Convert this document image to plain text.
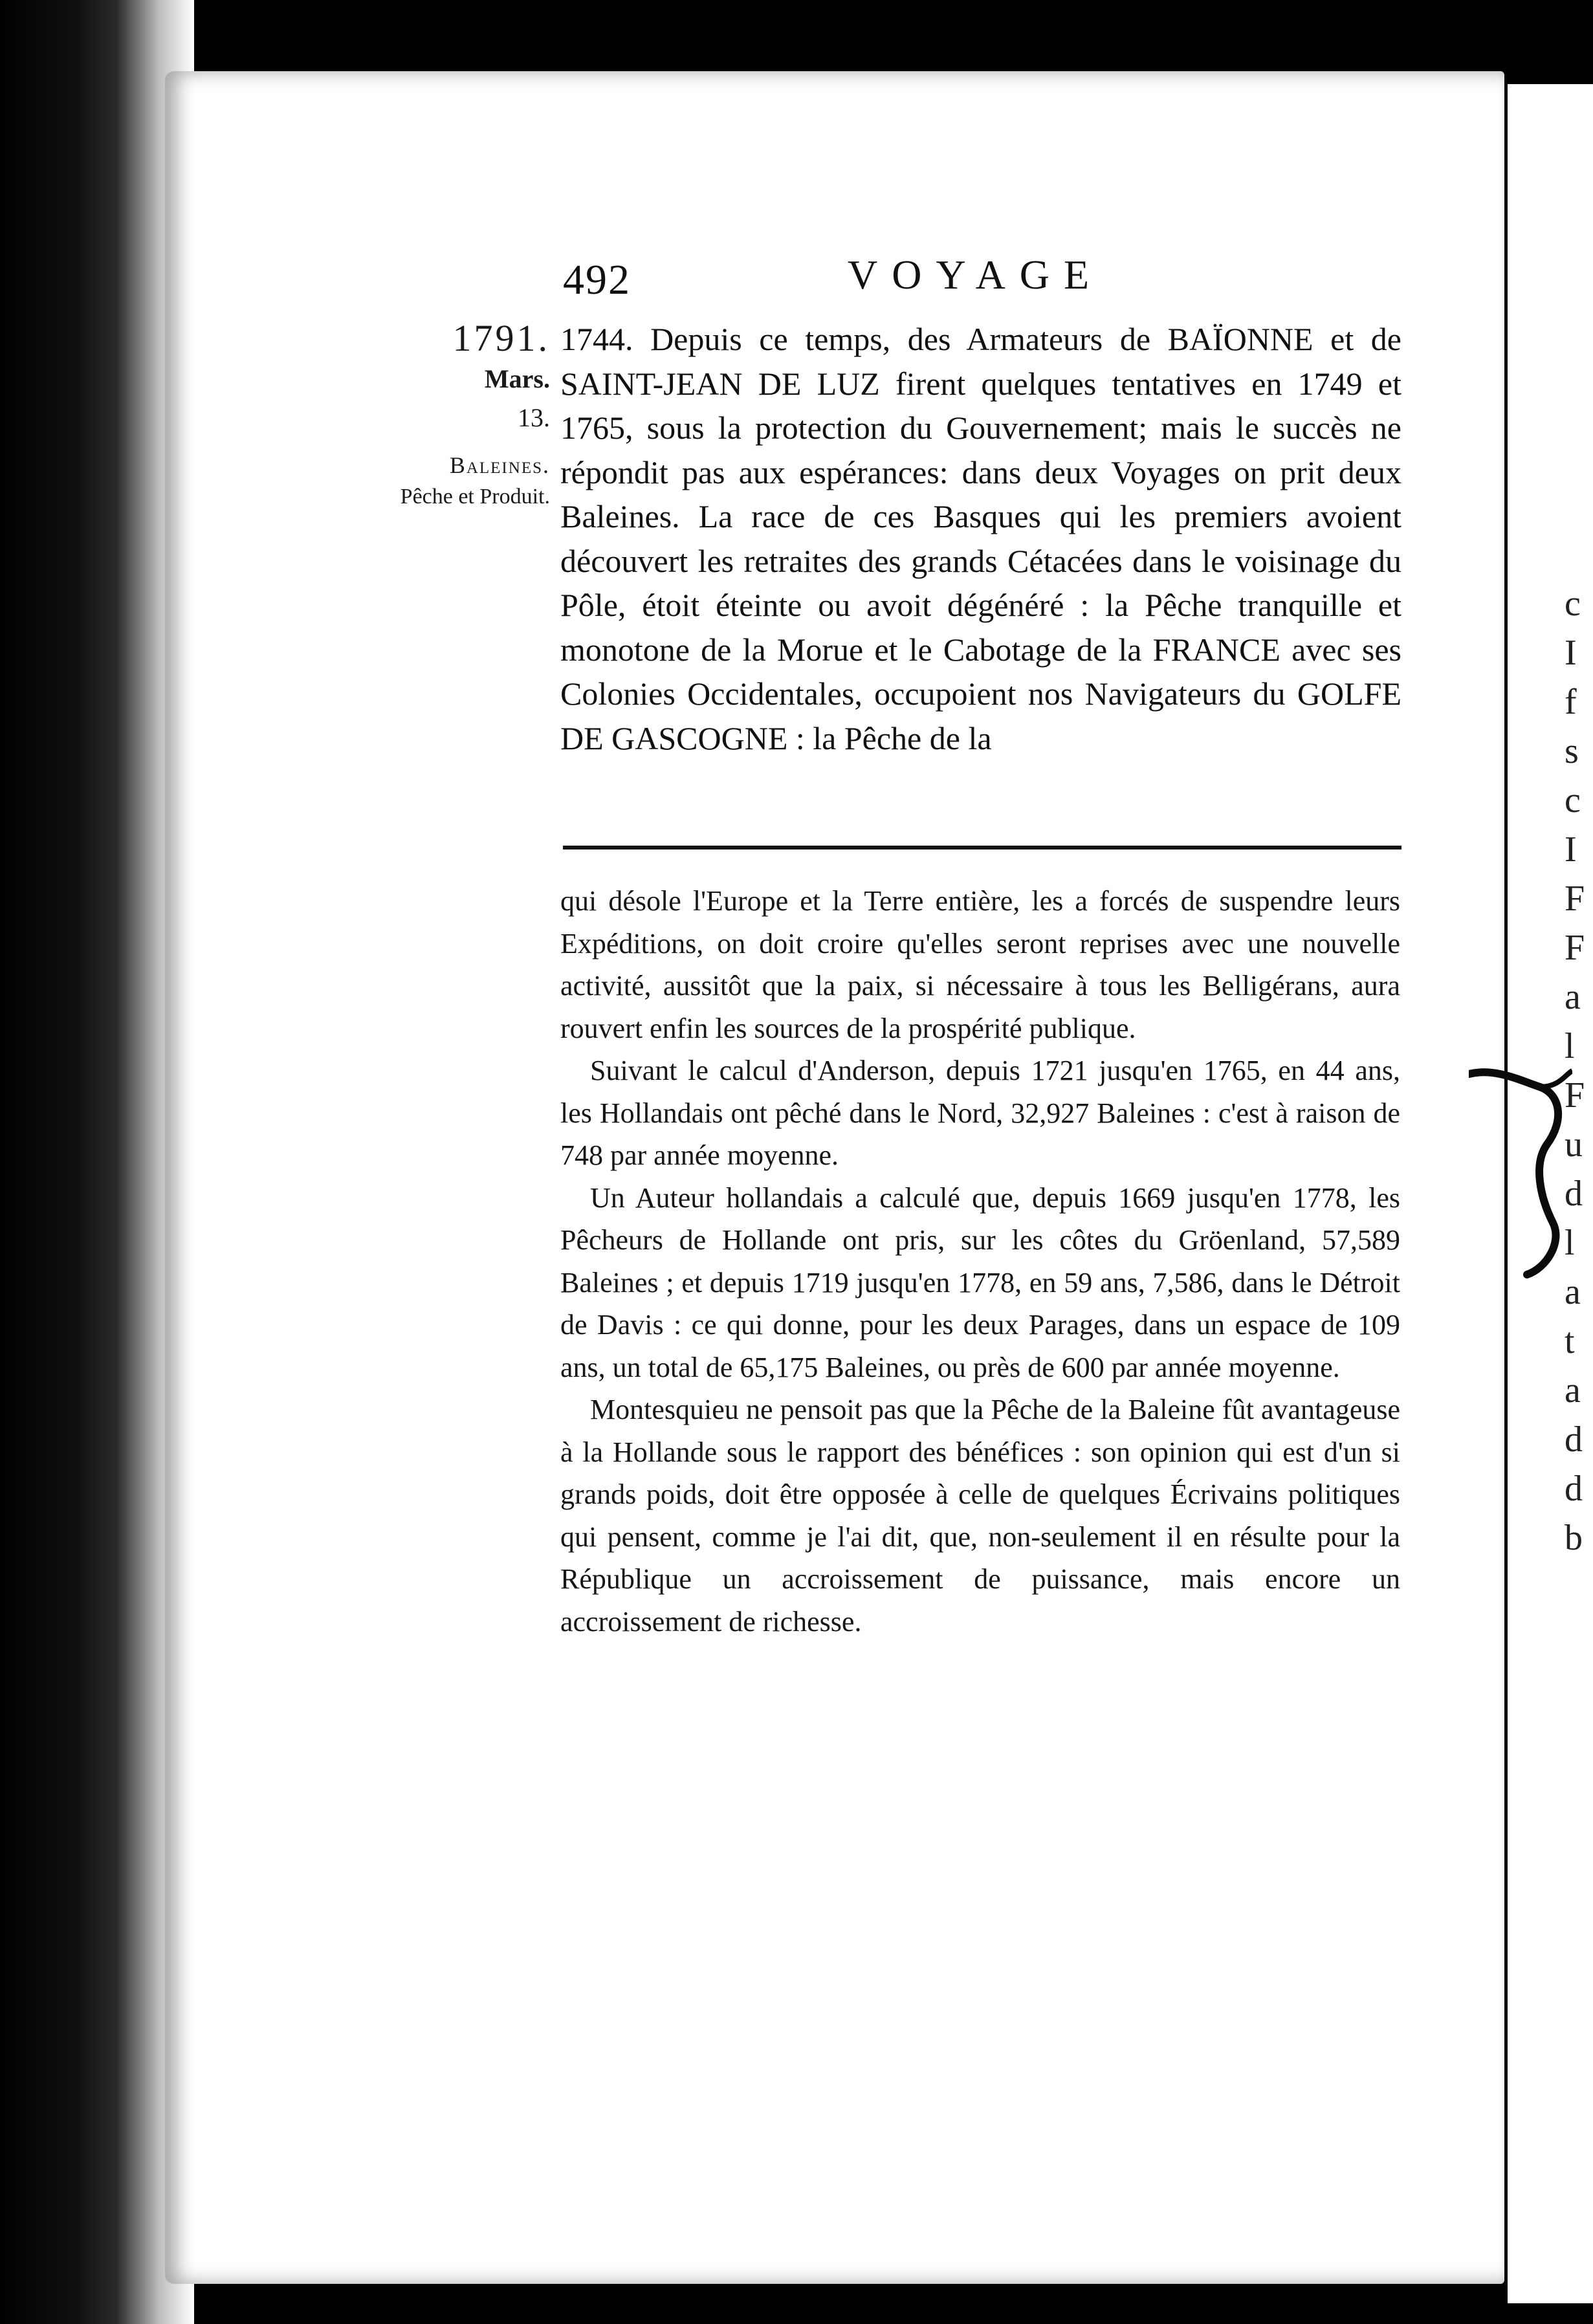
c
I
f
s
c
I
F
F
a
l
F
u
d
l
a
t
a
d
d
b
492	VOYAGE
1791.
Mars.
13.
Baleines.
Pêche et Produit.

1744. Depuis ce temps, des Armateurs de BAÏONNE et de SAINT-JEAN DE LUZ firent quelques tentatives en 1749 et 1765, sous la protection du Gouvernement; mais le succès ne répondit pas aux espérances: dans deux Voyages on prit deux Baleines. La race de ces Basques qui les premiers avoient découvert les retraites des grands Cétacées dans le voisinage du Pôle, étoit éteinte ou avoit dégénéré : la Pêche tranquille et monotone de la Morue et le Cabotage de la FRANCE avec ses Colonies Occidentales, occupoient nos Navigateurs du GOLFE DE GASCOGNE : la Pêche de la

qui désole l'Europe et la Terre entière, les a forcés de suspendre leurs Expéditions, on doit croire qu'elles seront reprises avec une nouvelle activité, aussitôt que la paix, si nécessaire à tous les Belligérans, aura rouvert enfin les sources de la prospérité publique.

Suivant le calcul d'Anderson, depuis 1721 jusqu'en 1765, en 44 ans, les Hollandais ont pêché dans le Nord, 32,927 Baleines : c'est à raison de 748 par année moyenne.

Un Auteur hollandais a calculé que, depuis 1669 jusqu'en 1778, les Pêcheurs de Hollande ont pris, sur les côtes du Gröenland, 57,589 Baleines ; et depuis 1719 jusqu'en 1778, en 59 ans, 7,586, dans le Détroit de Davis : ce qui donne, pour les deux Parages, dans un espace de 109 ans, un total de 65,175 Baleines, ou près de 600 par année moyenne.

Montesquieu ne pensoit pas que la Pêche de la Baleine fût avantageuse à la Hollande sous le rapport des bénéfices : son opinion qui est d'un si grands poids, doit être opposée à celle de quelques Écrivains politiques qui pensent, comme je l'ai dit, que, non-seulement il en résulte pour la République un accroissement de puissance, mais encore un accroissement de richesse.
